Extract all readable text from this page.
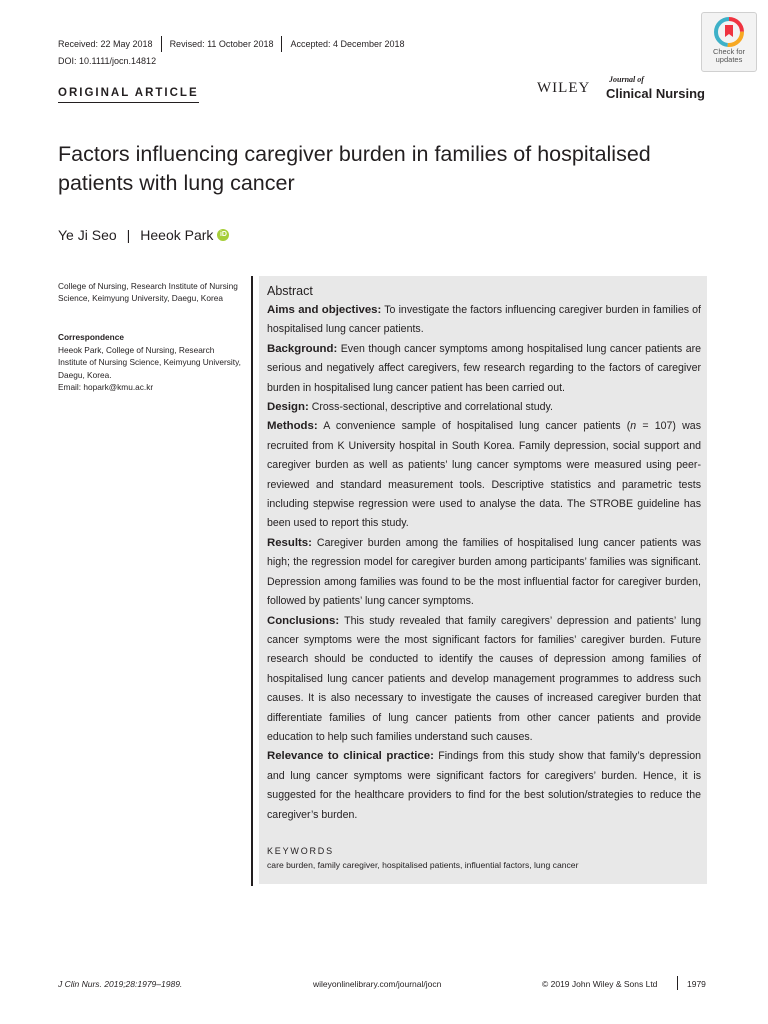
Received: 22 May 2018	Revised: 11 October 2018	Accepted: 4 December 2018
DOI: 10.1111/jocn.14812
ORIGINAL ARTICLE
Check for updates
WILEY
Journal of
Clinical Nursing
Factors influencing caregiver burden in families of hospitalised patients with lung cancer
Ye Ji Seo | Heeok Park iD
College of Nursing, Research Institute of Nursing Science, Keimyung University, Daegu, Korea
Correspondence
Heeok Park, College of Nursing, Research Institute of Nursing Science, Keimyung University, Daegu, Korea.
Email: hopark@kmu.ac.kr
Abstract

Aims and objectives: To investigate the factors influencing caregiver burden in families of hospitalised lung cancer patients.

Background: Even though cancer symptoms among hospitalised lung cancer patients are serious and negatively affect caregivers, few research regarding to the factors of caregiver burden in hospitalised lung cancer patient has been carried out.

Design: Cross-sectional, descriptive and correlational study.

Methods: A convenience sample of hospitalised lung cancer patients (n = 107) was recruited from K University hospital in South Korea. Family depression, social support and caregiver burden as well as patients’ lung cancer symptoms were measured using peer-reviewed and standard measurement tools. Descriptive statistics and parametric tests including stepwise regression were used to analyse the data. The STROBE guideline has been used to report this study.

Results: Caregiver burden among the families of hospitalised lung cancer patients was high; the regression model for caregiver burden among participants’ families was significant. Depression among families was found to be the most influential factor for caregiver burden, followed by patients’ lung cancer symptoms.

Conclusions: This study revealed that family caregivers’ depression and patients’ lung cancer symptoms were the most significant factors for families’ caregiver burden. Future research should be conducted to identify the causes of depression among families of hospitalised lung cancer patients and develop management programmes to address such causes. It is also necessary to investigate the causes of increased caregiver burden that differentiate families of lung cancer patients from other cancer patients and provide education to help such families understand such causes.

Relevance to clinical practice: Findings from this study show that family’s depression and lung cancer symptoms were significant factors for caregivers’ burden. Hence, it is suggested for the healthcare providers to find for the best solution/strategies to reduce the caregiver’s burden.

KEYWORDS
care burden, family caregiver, hospitalised patients, influential factors, lung cancer
J Clin Nurs. 2019;28:1979–1989.	wileyonlinelibrary.com/journal/jocn	© 2019 John Wiley & Sons Ltd	1979
